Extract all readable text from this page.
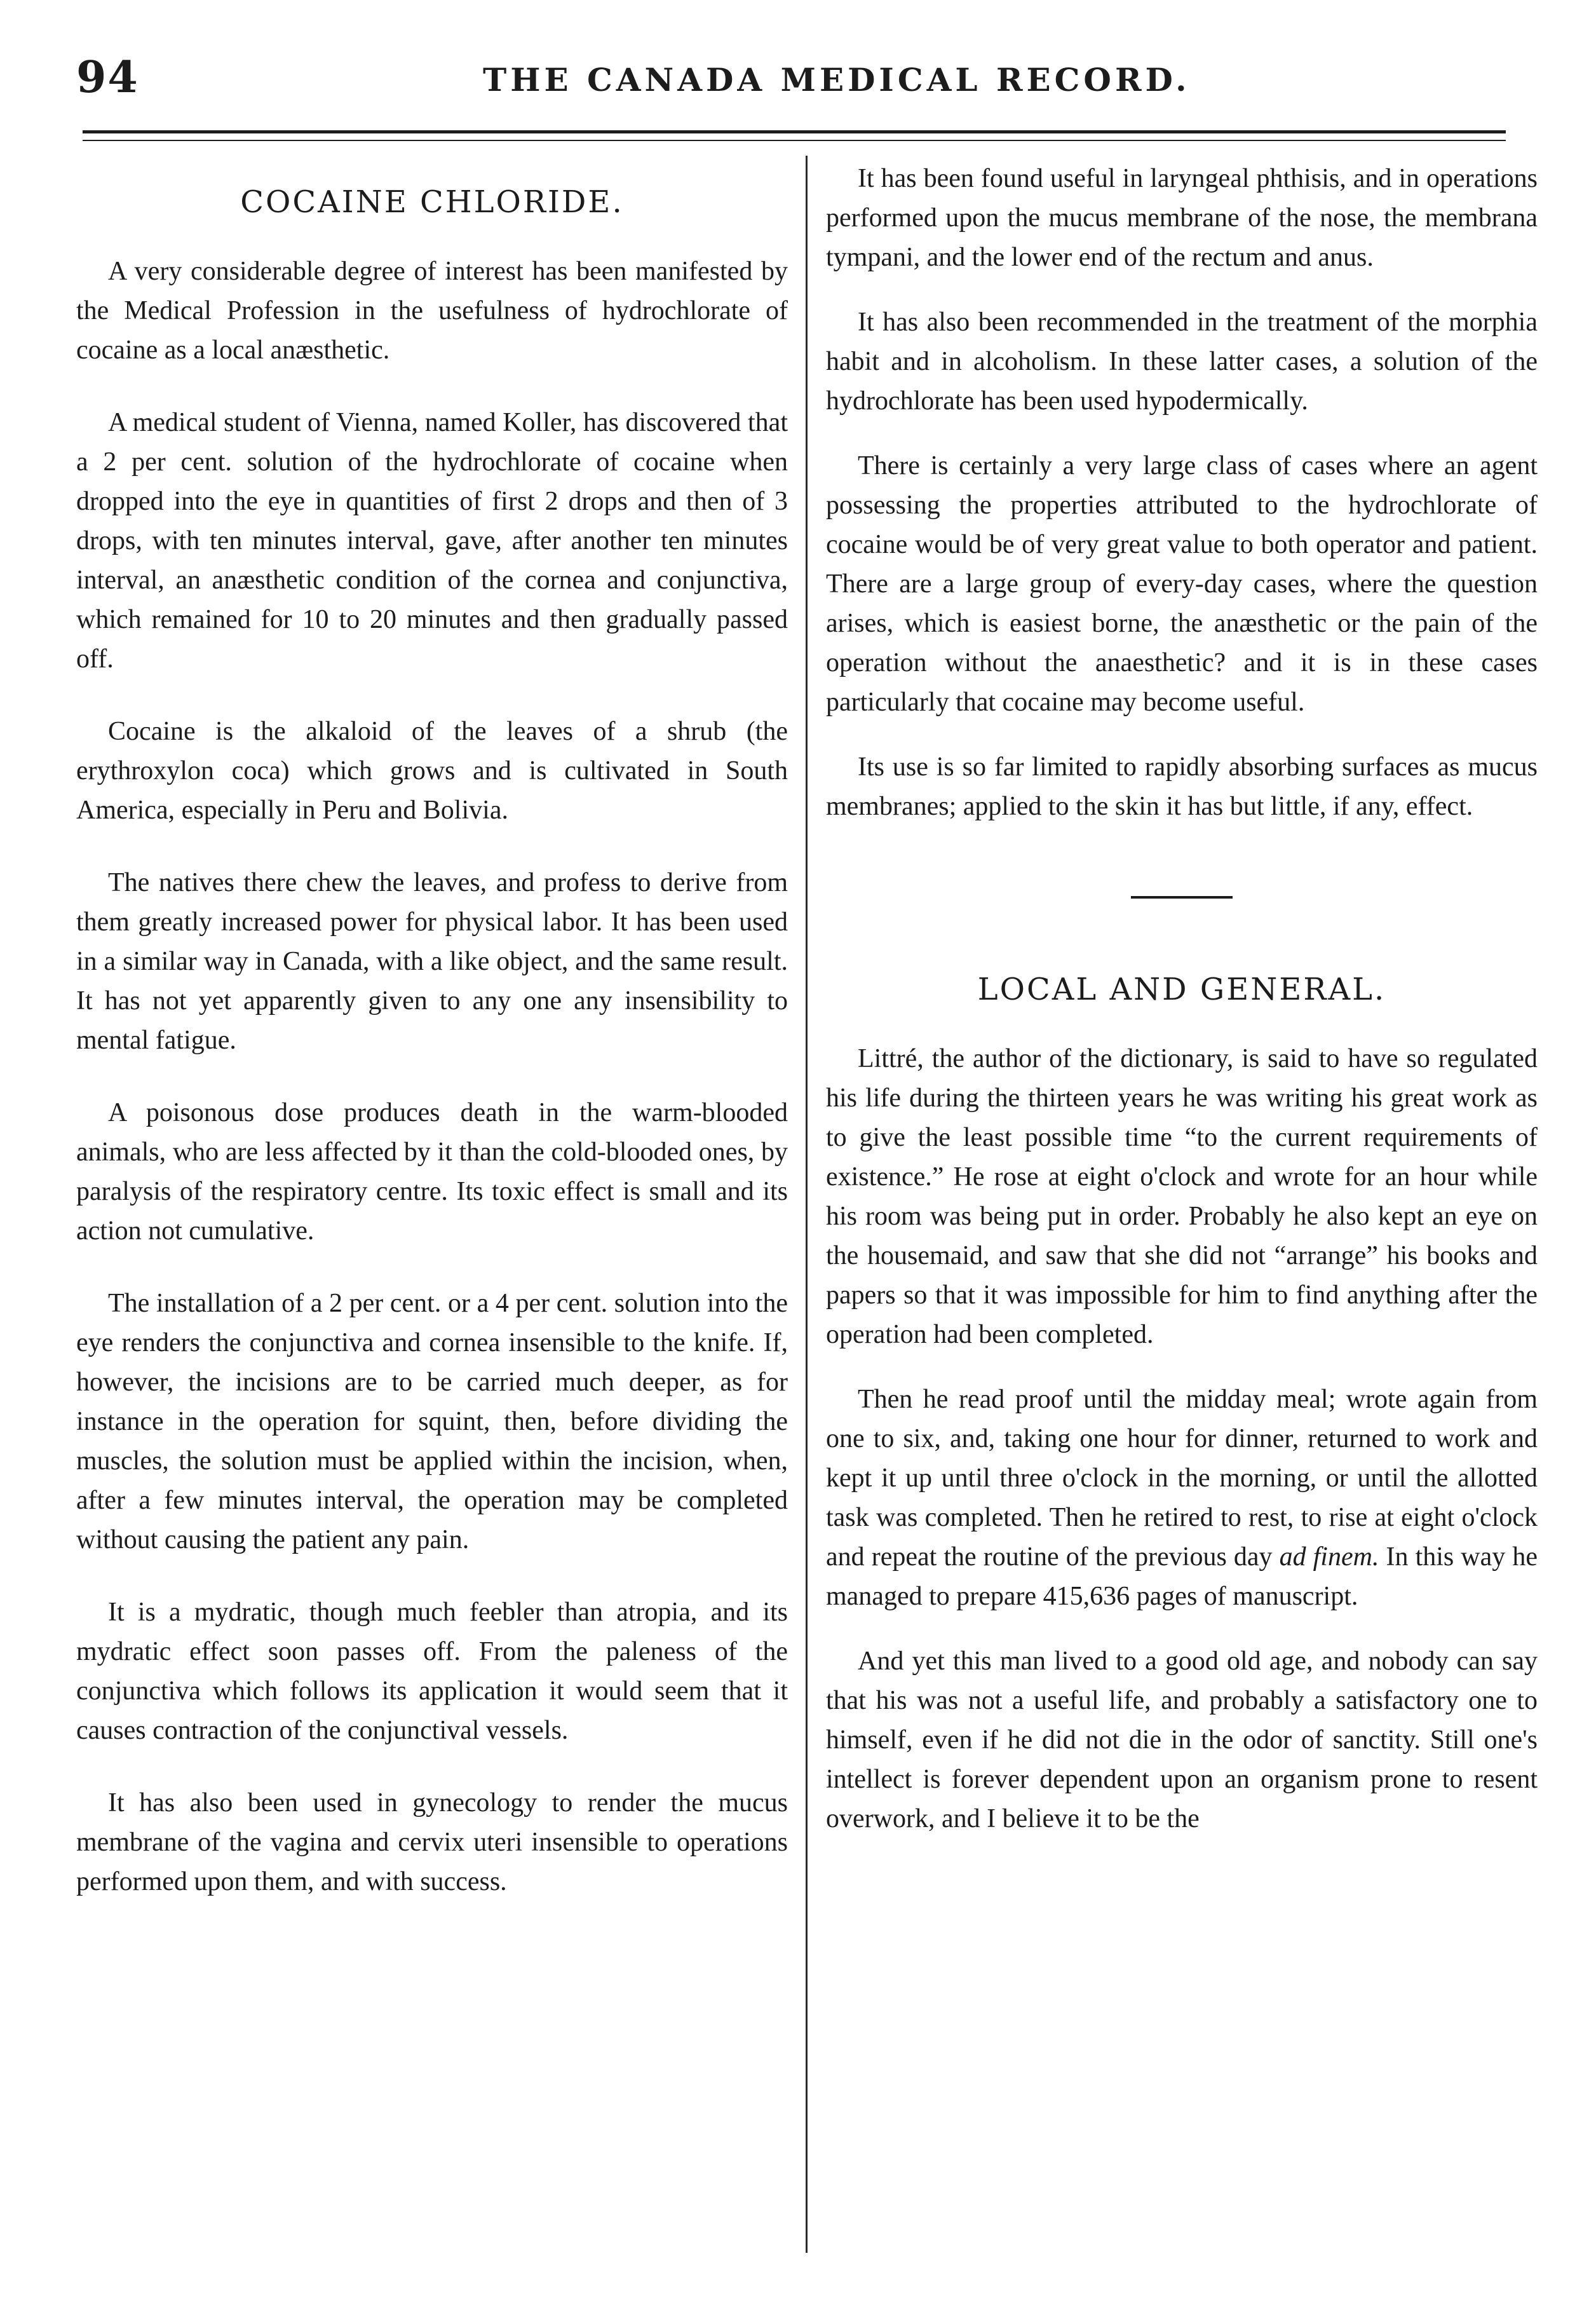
94	THE CANADA MEDICAL RECORD.
COCAINE CHLORIDE.

A very considerable degree of interest has been manifested by the Medical Profession in the usefulness of hydrochlorate of cocaine as a local anæsthetic.

A medical student of Vienna, named Koller, has discovered that a 2 per cent. solution of the hydrochlorate of cocaine when dropped into the eye in quantities of first 2 drops and then of 3 drops, with ten minutes interval, gave, after another ten minutes interval, an anæsthetic condition of the cornea and conjunctiva, which remained for 10 to 20 minutes and then gradually passed off.

Cocaine is the alkaloid of the leaves of a shrub (the erythroxylon coca) which grows and is cultivated in South America, especially in Peru and Bolivia.

The natives there chew the leaves, and profess to derive from them greatly increased power for physical labor. It has been used in a similar way in Canada, with a like object, and the same result. It has not yet apparently given to any one any insensibility to mental fatigue.

A poisonous dose produces death in the warm-blooded animals, who are less affected by it than the cold-blooded ones, by paralysis of the respiratory centre. Its toxic effect is small and its action not cumulative.

The installation of a 2 per cent. or a 4 per cent. solution into the eye renders the conjunctiva and cornea insensible to the knife. If, however, the incisions are to be carried much deeper, as for instance in the operation for squint, then, before dividing the muscles, the solution must be applied within the incision, when, after a few minutes interval, the operation may be completed without causing the patient any pain.

It is a mydratic, though much feebler than atropia, and its mydratic effect soon passes off. From the paleness of the conjunctiva which follows its application it would seem that it causes contraction of the conjunctival vessels.

It has also been used in gynecology to render the mucus membrane of the vagina and cervix uteri insensible to operations performed upon them, and with success.

It has been found useful in laryngeal phthisis, and in operations performed upon the mucus membrane of the nose, the membrana tympani, and the lower end of the rectum and anus.

It has also been recommended in the treatment of the morphia habit and in alcoholism. In these latter cases, a solution of the hydrochlorate has been used hypodermically.

There is certainly a very large class of cases where an agent possessing the properties attributed to the hydrochlorate of cocaine would be of very great value to both operator and patient. There are a large group of every-day cases, where the question arises, which is easiest borne, the anæsthetic or the pain of the operation without the anaesthetic? and it is in these cases particularly that cocaine may become useful.

Its use is so far limited to rapidly absorbing surfaces as mucus membranes; applied to the skin it has but little, if any, effect.

LOCAL AND GENERAL.

Littré, the author of the dictionary, is said to have so regulated his life during the thirteen years he was writing his great work as to give the least possible time “to the current requirements of existence.” He rose at eight o'clock and wrote for an hour while his room was being put in order. Probably he also kept an eye on the housemaid, and saw that she did not “arrange” his books and papers so that it was impossible for him to find anything after the operation had been completed.

Then he read proof until the midday meal; wrote again from one to six, and, taking one hour for dinner, returned to work and kept it up until three o'clock in the morning, or until the allotted task was completed. Then he retired to rest, to rise at eight o'clock and repeat the routine of the previous day ad finem. In this way he managed to prepare 415,636 pages of manuscript.

And yet this man lived to a good old age, and nobody can say that his was not a useful life, and probably a satisfactory one to himself, even if he did not die in the odor of sanctity. Still one's intellect is forever dependent upon an organism prone to resent overwork, and I believe it to be the
